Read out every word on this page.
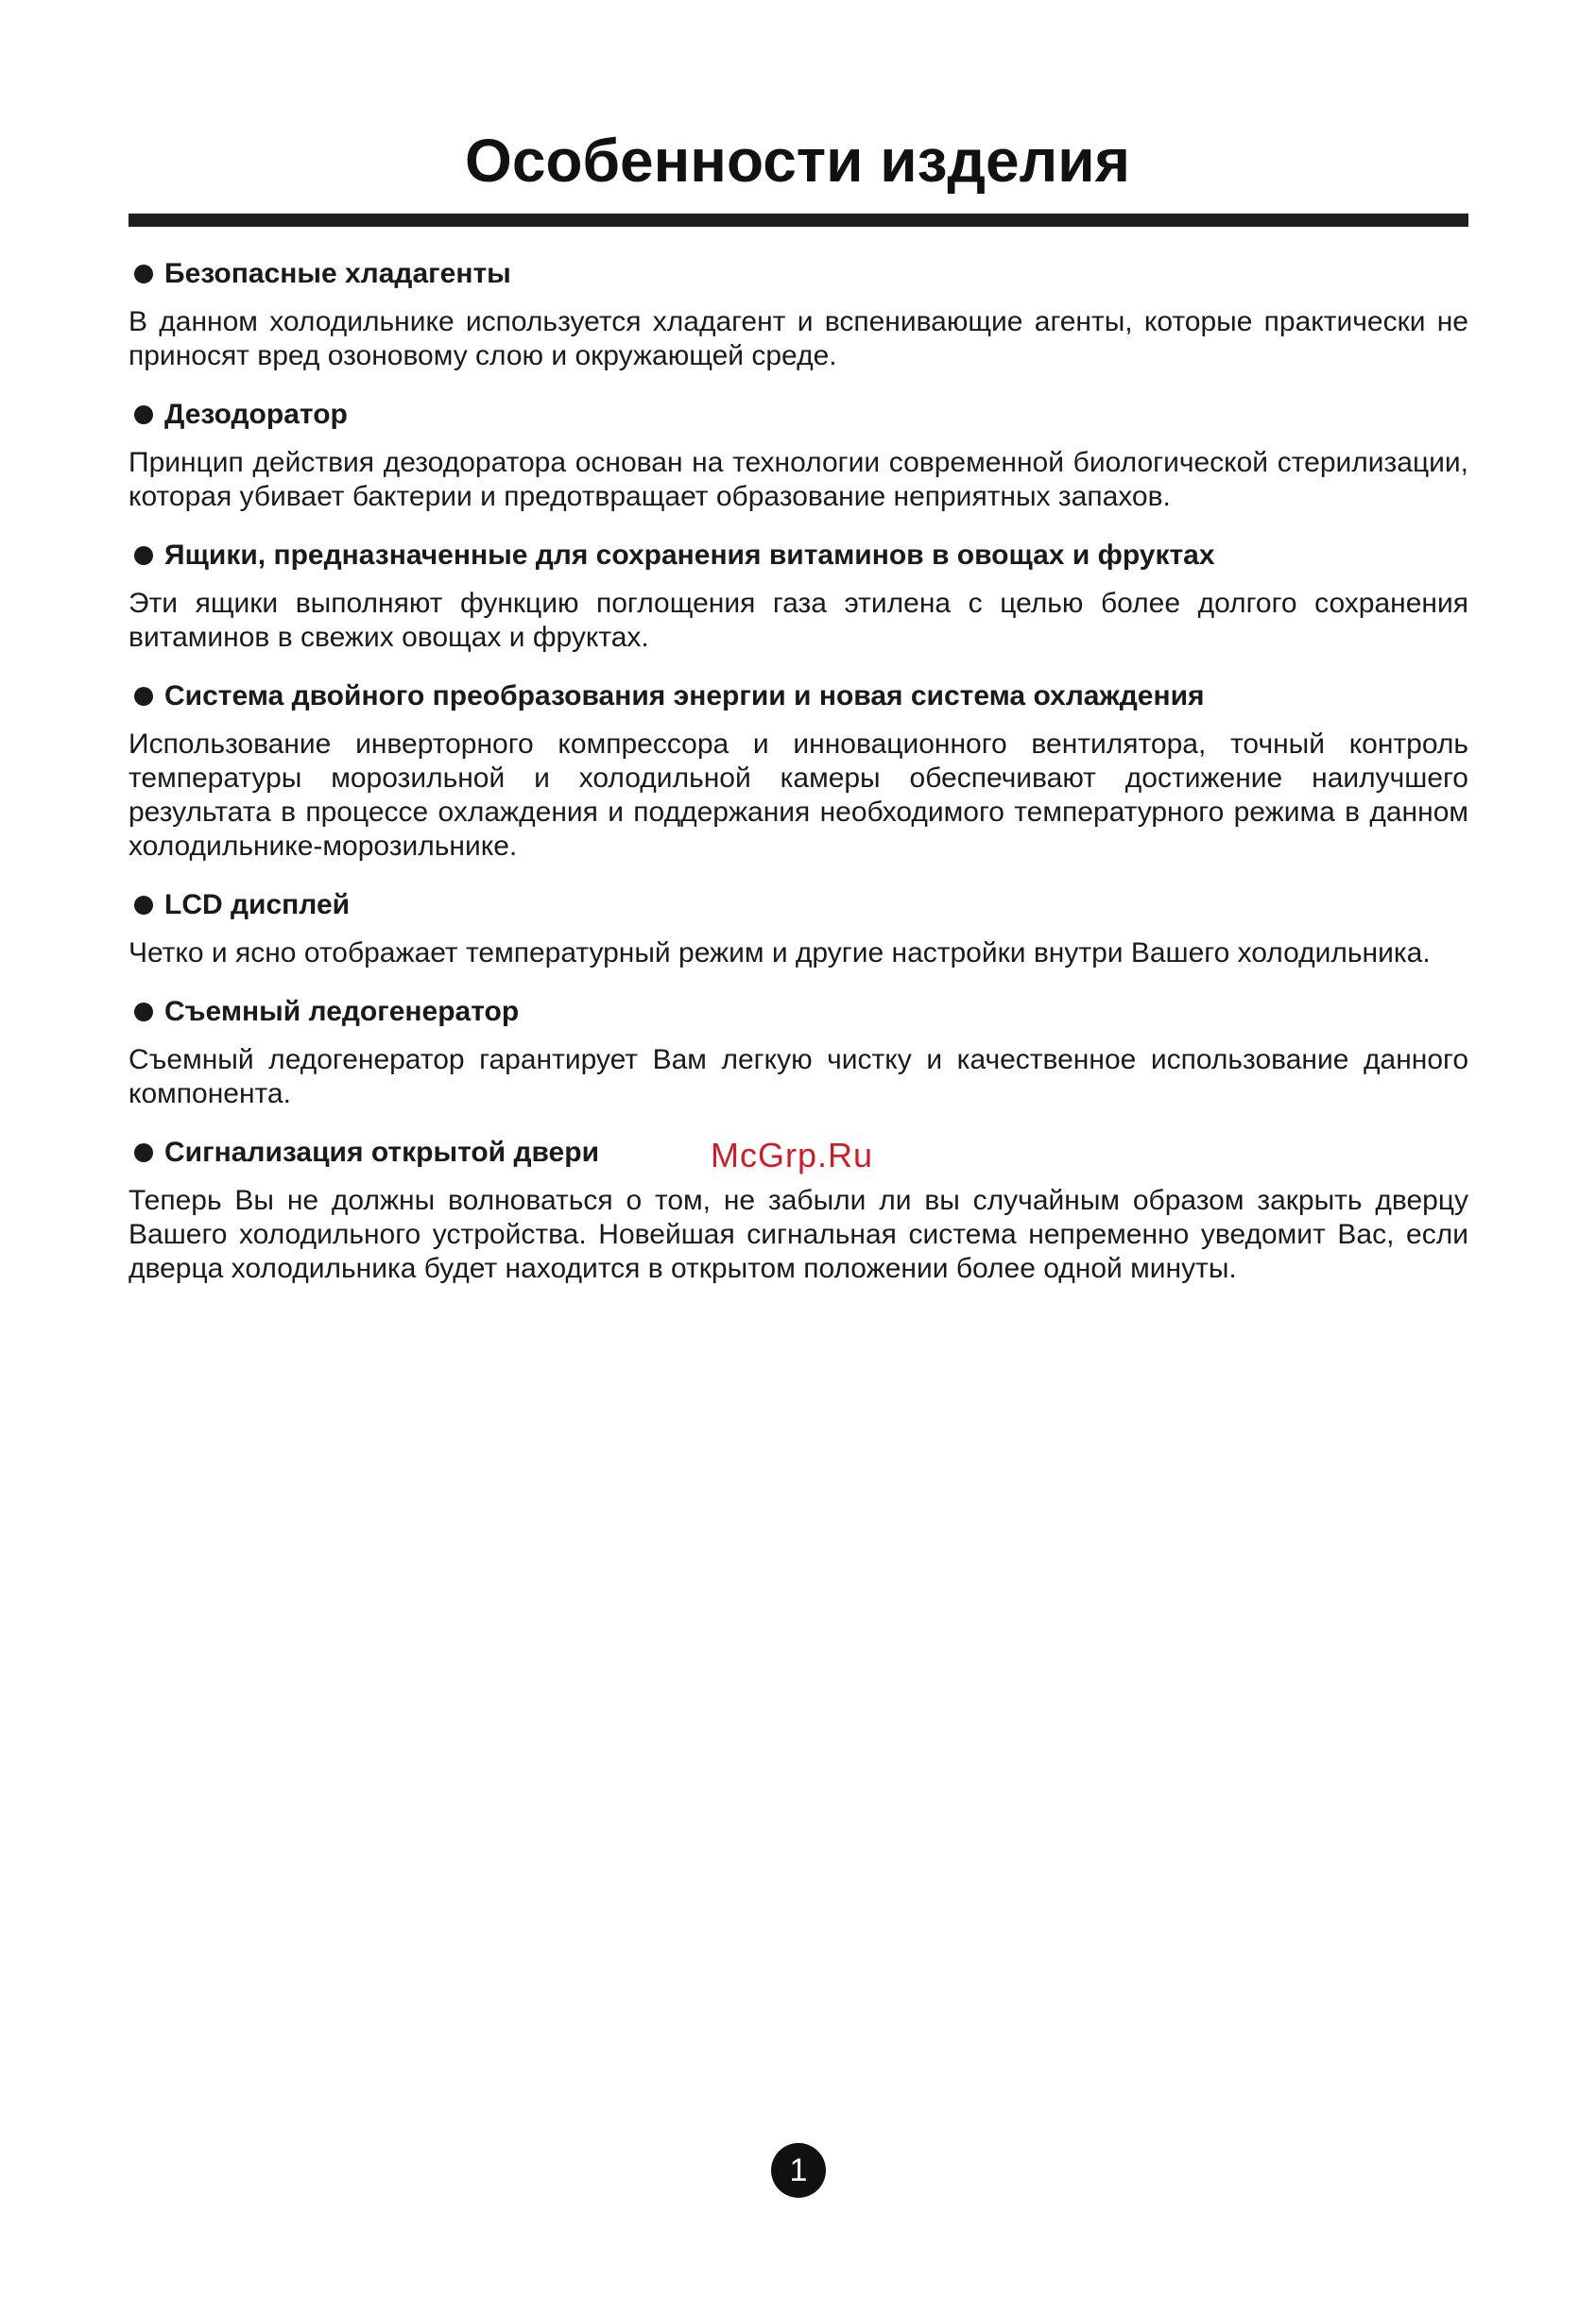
Особенности изделия
Безопасные хладагенты

В данном холодильнике используется хладагент и вспенивающие агенты, которые практически не приносят вред озоновому слою и окружающей среде.

Дезодоратор

Принцип действия дезодоратора основан на технологии современной биологической стерилизации, которая убивает бактерии и предотвращает образование неприятных запахов.

Ящики, предназначенные для сохранения витаминов в овощах и фруктах

Эти ящики выполняют функцию поглощения газа этилена с целью более долгого сохранения витаминов в свежих овощах и фруктах.

Система двойного преобразования энергии и новая система охлаждения

Использование инверторного компрессора и инновационного вентилятора, точный контроль температуры морозильной и холодильной камеры обеспечивают достижение наилучшего результата в процессе охлаждения и поддержания необходимого температурного режима в данном холодильнике-морозильнике.

LCD дисплей

Четко и ясно отображает температурный режим и другие настройки внутри Вашего холодильника.

Съемный ледогенератор

Съемный ледогенератор гарантирует Вам легкую чистку и качественное использование данного компонента.

Сигнализация открытой двери

Теперь Вы не должны волноваться о том, не забыли ли вы случайным образом закрыть дверцу Вашего холодильного устройства. Новейшая сигнальная система непременно уведомит Вас, если дверца холодильника будет находится в открытом положении более одной минуты.

McGrp.Ru
1
